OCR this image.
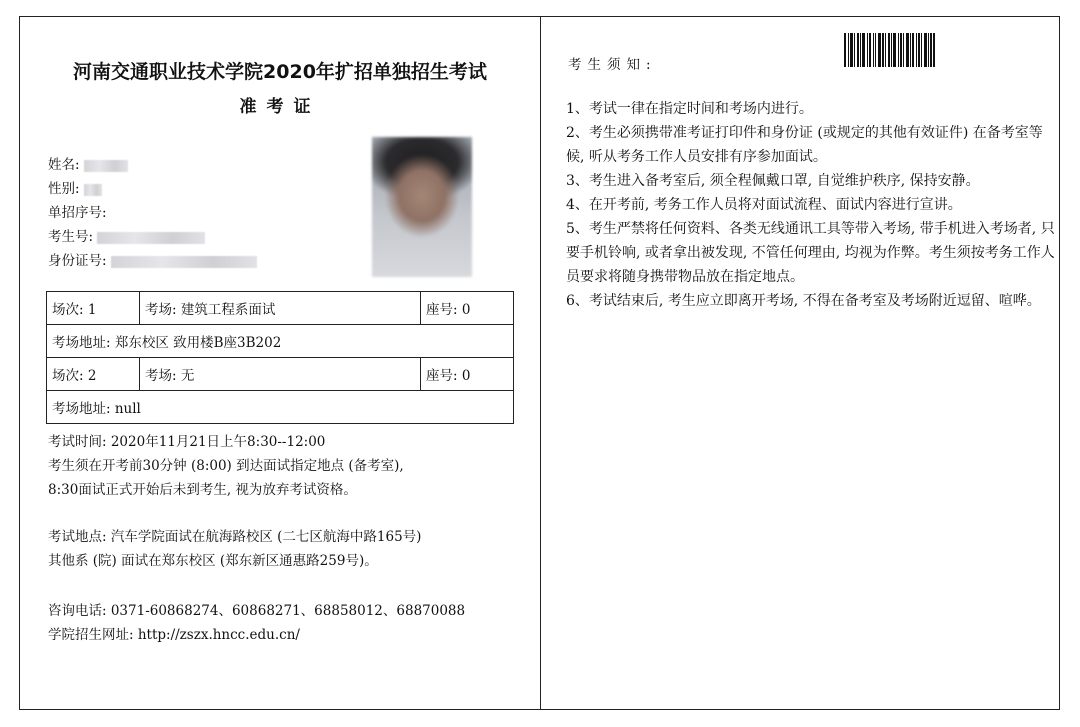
河南交通职业技术学院2020年扩招单独招生考试
准考证
姓名:
性别:
单招序号:
考生号:
身份证号:
场次: 1	考场: 建筑工程系面试	座号: 0
考场地址: 郑东校区 致用楼B座3B202		
场次: 2	考场: 无	座号: 0
考场地址: null		
考试时间: 2020年11月21日上午8:30--12:00
考生须在开考前30分钟 (8:00) 到达面试指定地点 (备考室),
8:30面试正式开始后未到考生, 视为放弃考试资格。
考试地点: 汽车学院面试在航海路校区 (二七区航海中路165号)
其他系 (院) 面试在郑东校区 (郑东新区通惠路259号)。
咨询电话: 0371-60868274、60868271、68858012、68870088
学院招生网址: http://zszx.hncc.edu.cn/
考生须知:

1、考试一律在指定时间和考场内进行。

2、考生必须携带准考证打印件和身份证 (或规定的其他有效证件) 在备考室等候, 听从考务工作人员安排有序参加面试。

3、考生进入备考室后, 须全程佩戴口罩, 自觉维护秩序, 保持安静。

4、在开考前, 考务工作人员将对面试流程、面试内容进行宣讲。

5、考生严禁将任何资料、各类无线通讯工具等带入考场, 带手机进入考场者, 只要手机铃响, 或者拿出被发现, 不管任何理由, 均视为作弊。考生须按考务工作人员要求将随身携带物品放在指定地点。

6、考试结束后, 考生应立即离开考场, 不得在备考室及考场附近逗留、喧哗。
